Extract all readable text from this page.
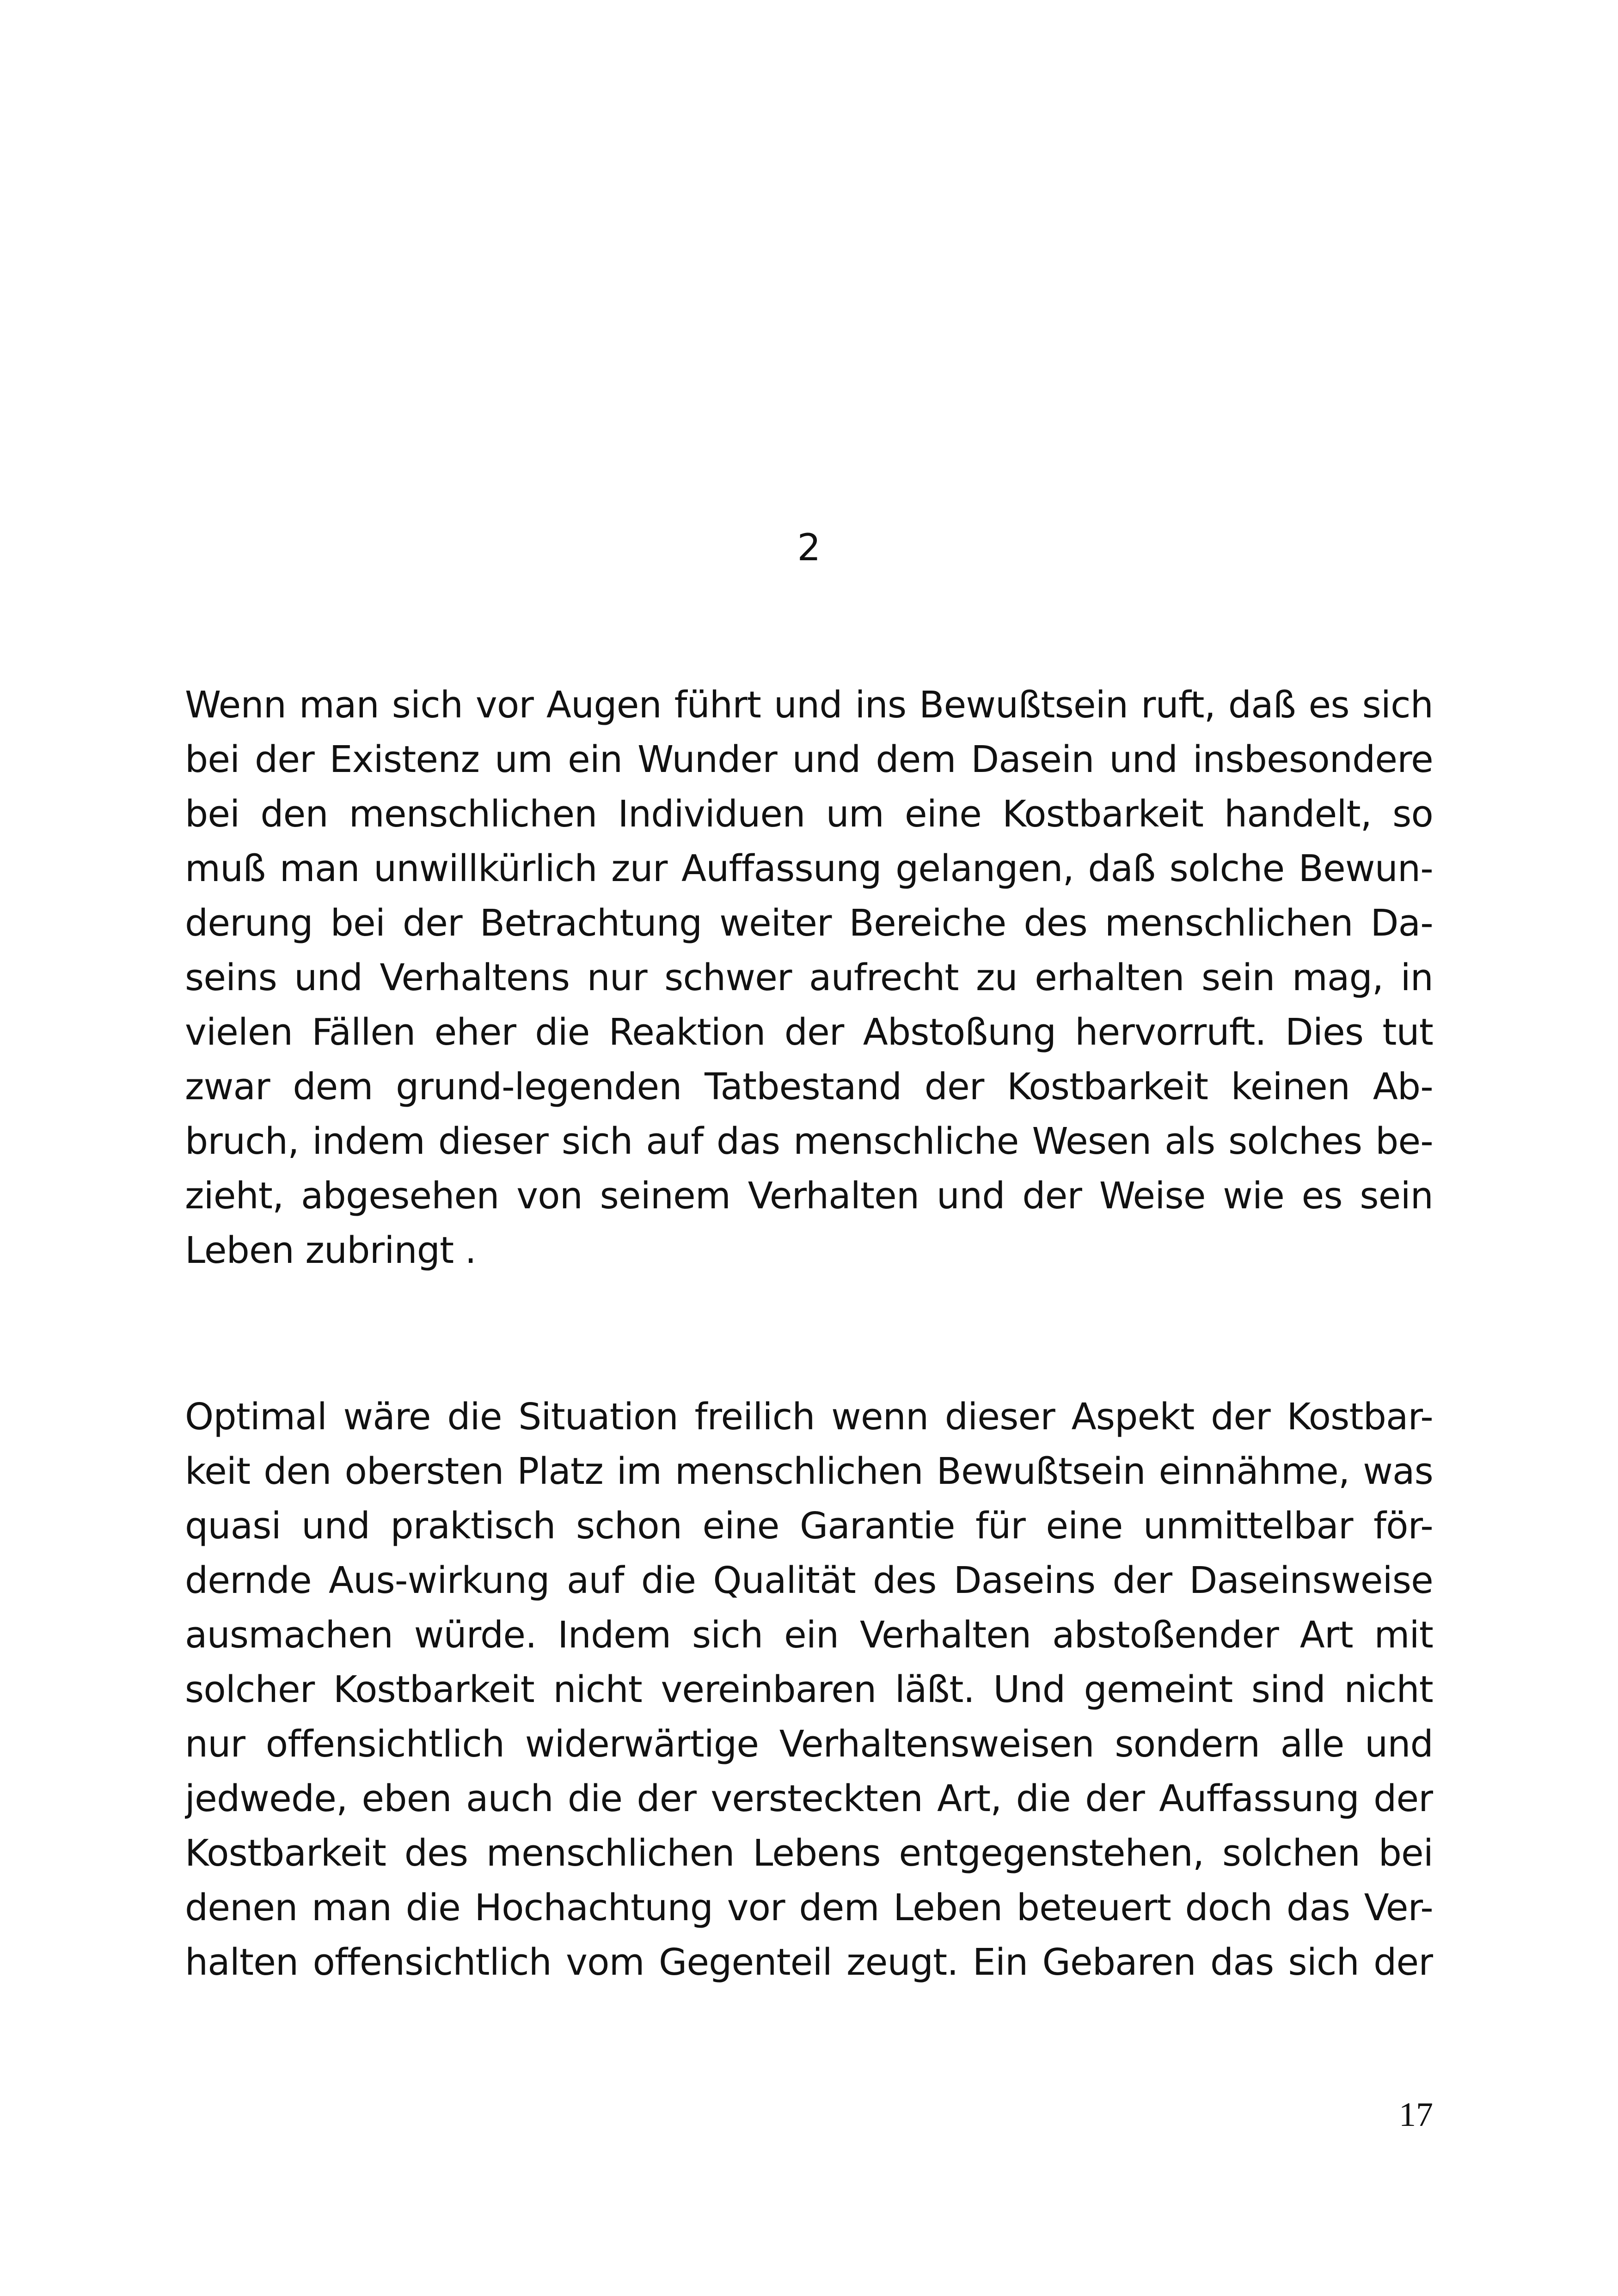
2

Wenn man sich vor Augen führt und ins Bewußtsein ruft, daß es sich

bei der Existenz um ein Wunder und dem Dasein und insbesondere

bei den menschlichen Individuen um eine Kostbarkeit handelt, so

muß man unwillkürlich zur Auffassung gelangen, daß solche Bewun-

derung bei der Betrachtung weiter Bereiche des menschlichen Da-

seins und Verhaltens nur schwer aufrecht zu erhalten sein mag, in

vielen Fällen eher die Reaktion der Abstoßung hervorruft. Dies tut

zwar dem grund-legenden Tatbestand der Kostbarkeit keinen Ab-

bruch, indem dieser sich auf das menschliche Wesen als solches be-

zieht, abgesehen von seinem Verhalten und der Weise wie es sein

Leben zubringt .

Optimal wäre die Situation freilich wenn dieser Aspekt der Kostbar-

keit den obersten Platz im menschlichen Bewußtsein einnähme, was

quasi und praktisch schon eine Garantie für eine unmittelbar för-

dernde Aus-wirkung auf die Qualität des Daseins der Daseinsweise

ausmachen würde. Indem sich ein Verhalten abstoßender Art mit

solcher Kostbarkeit nicht vereinbaren läßt. Und gemeint sind nicht

nur offensichtlich widerwärtige Verhaltensweisen sondern alle und

jedwede, eben auch die der versteckten Art, die der Auffassung der

Kostbarkeit des menschlichen Lebens entgegenstehen, solchen bei

denen man die Hochachtung vor dem Leben beteuert doch das Ver-

halten offensichtlich vom Gegenteil zeugt. Ein Gebaren das sich der

17
